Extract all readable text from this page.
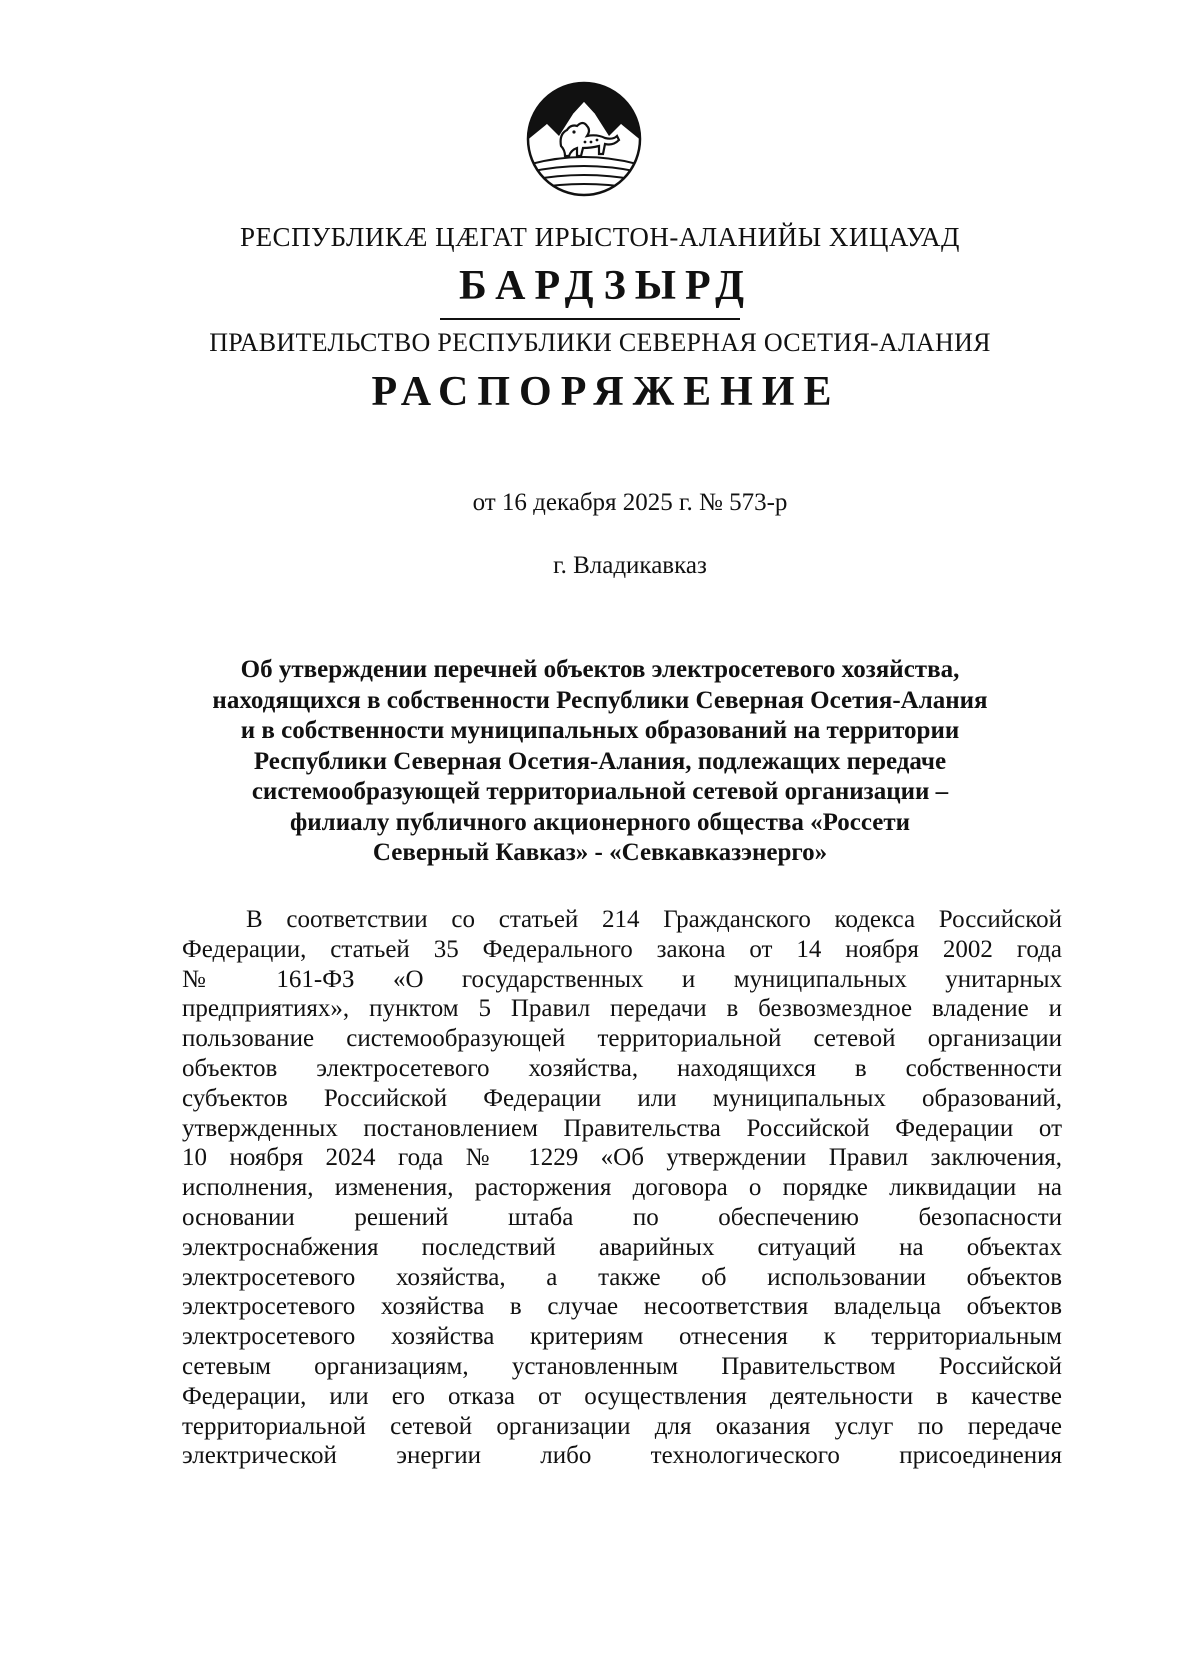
РЕСПУБЛИКÆ ЦÆГАТ ИРЫСТОН-АЛАНИЙЫ ХИЦАУАД
БАРДЗЫРД
ПРАВИТЕЛЬСТВО РЕСПУБЛИКИ СЕВЕРНАЯ ОСЕТИЯ-АЛАНИЯ
РАСПОРЯЖЕНИЕ
от 16 декабря 2025 г. № 573-р
г. Владикавказ
Об утверждении перечней объектов электросетевого хозяйства,
находящихся в собственности Республики Северная Осетия-Алания
и в собственности муниципальных образований на территории
Республики Северная Осетия-Алания, подлежащих передаче
системообразующей территориальной сетевой организации –
филиалу публичного акционерного общества «Россети
Северный Кавказ» - «Севкавказэнерго»
В соответствии со статьей 214 Гражданского кодекса Российской
Федерации, статьей 35 Федерального закона от 14 ноября 2002 года
№ 161-ФЗ «О государственных и муниципальных унитарных
предприятиях», пунктом 5 Правил передачи в безвозмездное владение и
пользование системообразующей территориальной сетевой организации
объектов электросетевого хозяйства, находящихся в собственности
субъектов Российской Федерации или муниципальных образований,
утвержденных постановлением Правительства Российской Федерации от
10 ноября 2024 года № 1229 «Об утверждении Правил заключения,
исполнения, изменения, расторжения договора о порядке ликвидации на
основании решений штаба по обеспечению безопасности
электроснабжения последствий аварийных ситуаций на объектах
электросетевого хозяйства, а также об использовании объектов
электросетевого хозяйства в случае несоответствия владельца объектов
электросетевого хозяйства критериям отнесения к территориальным
сетевым организациям, установленным Правительством Российской
Федерации, или его отказа от осуществления деятельности в качестве
территориальной сетевой организации для оказания услуг по передаче
электрической энергии либо технологического присоединения
